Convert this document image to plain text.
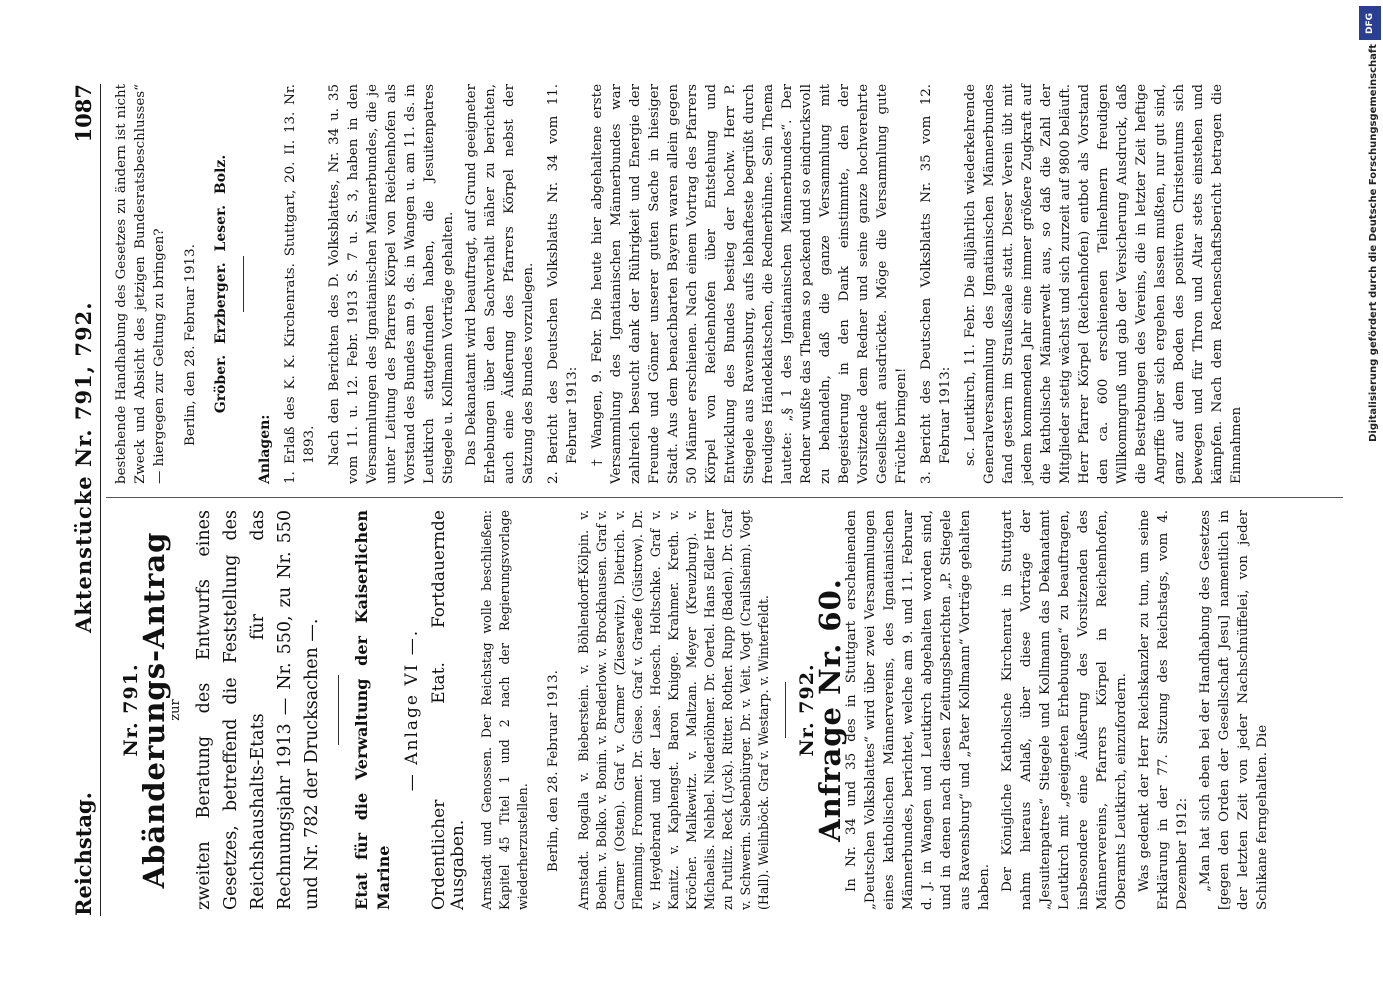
Reichstag.
Aktenstücke Nr. 791, 792.
1087
Nr. 791.
Abänderungs-Antrag
zur zweiten Beratung des Entwurfs eines Gesetzes, betreffend die Feststellung des Reichshaushalts-Etats für das Rechnungsjahr 1913 — Nr. 550, zu Nr. 550 und Nr. 782 der Drucksachen —. Etat für die Verwaltung der Kaiserlichen Marine
— Anlage VI —. Ordentlicher Etat.Fortdauernde Ausgaben. Arnstadt und Genossen. Der Reichstag wolle beschließen: Kapitel 45 Titel 1 und 2 nach der Regierungsvorlage wiederherzustellen. Berlin, den 28. Februar 1913. Arnstadt. Rogalla v. Bieberstein. v. Böhlendorff-Kölpin. v. Boehn. v. Bolko. v. Bonin. v. Brederlow. v. Brockhausen. Graf v. Carmer (Osten). Graf v. Carmer (Zieserwitz). Dietrich. v. Flemming. Frommer. Dr. Giese. Graf v. Graefe (Güstrow). Dr. v. Heydebrand und der Lase. Hoesch. Holtschke. Graf v. Kanitz. v. Kaphengst. Baron Knigge. Krahmer. Kreth. v. Kröcher. Malkewitz. v. Maltzan. Meyer (Kreuzburg). v. Michaelis. Nehbel. Niederlöhner. Dr. Oertel. Hans Edler Herr zu Putlitz. Reck (Lyck). Ritter. Rother. Rupp (Baden). Dr. Graf v. Schwerin. Siebenbürger. Dr. v. Veit. Vogt (Crailsheim). Vogt (Hall). Weilnböck. Graf v. Westarp. v. Winterfeldt. Nr. 792.
Anfrage Nr. 60.

In Nr. 34 und 35 des in Stuttgart erscheinenden „Deutschen Volksblattes“ wird über zwei Versammlungen eines katholischen Männervereins, des Ignatianischen Männerbundes, berichtet, welche am 9. und 11. Februar d. J. in Wangen und Leutkirch abgehalten worden sind, und in denen nach diesen Zeitungsberichten „P. Stiegele aus Ravensburg“ und „Pater Kollmann“ Vorträge gehalten haben. Der Königliche Katholische Kirchenrat in Stuttgart nahm hieraus Anlaß, über diese Vorträge der „Jesuitenpatres“ Stiegele und Kollmann das Dekanatamt Leutkirch mit „geeigneten Erhebungen“ zu beauftragen, insbesondere eine Äußerung des Vorsitzenden des Männervereins, Pfarrers Körpel in Reichenhofen, Oberamts Leutkirch, einzufordern. Was gedenkt der Herr Reichskanzler zu tun, um seine Erklärung in der 77. Sitzung des Reichstags, vom 4. Dezember 1912: „Man hat sich eben bei der Handhabung des Gesetzes [gegen den Orden der Gesellschaft Jesu] namentlich in der letzten Zeit von jeder Nachschnüffelei, von jeder Schikane ferngehalten. Die

bestehende Handhabung des Gesetzes zu ändern ist nicht Zweck und Absicht des jetzigen Bundesratsbeschlusses“ — hiergegen zur Geltung zu bringen? Berlin, den 28. Februar 1913. Gröber. Erzberger. Leser. Bolz.
Anlagen: 1.
Erlaß des K. K. Kirchenrats. Stuttgart, 20. II. 13. Nr. 1893. Nach den Berichten des D. Volksblattes, Nr. 34 u. 35 vom 11. u. 12. Febr. 1913 S. 7 u. S. 3, haben in den Versammlungen des Ignatianischen Männerbundes, die je unter Leitung des Pfarrers Körpel von Reichenhofen als Vorstand des Bundes am 9. ds. in Wangen u. am 11. ds. in Leutkirch stattgefunden haben, die Jesuitenpatres Stiegele u. Kollmann Vorträge gehalten. Das Dekanatamt wird beauftragt, auf Grund geeigneter Erhebungen über den Sachverhalt näher zu berichten, auch eine Äußerung des Pfarrers Körpel nebst der Satzung des Bundes vorzulegen. 2.
Bericht des Deutschen Volksblatts Nr. 34 vom 11. Februar 1913: † Wangen, 9. Febr. Die heute hier abgehaltene erste Versammlung des Ignatianischen Männerbundes war zahlreich besucht dank der Rührigkeit und Energie der Freunde und Gönner unserer guten Sache in hiesiger Stadt. Aus dem benachbarten Bayern waren allein gegen 50 Männer erschienen. Nach einem Vortrag des Pfarrers Körpel von Reichenhofen über Entstehung und Entwicklung des Bundes bestieg der hochw. Herr P. Stiegele aus Ravensburg, aufs lebhafteste begrüßt durch freudiges Händeklatschen, die Rednerbühne. Sein Thema lautete: „§ 1 des Ignatianischen Männerbundes“. Der Redner wußte das Thema so packend und so eindrucksvoll zu behandeln, daß die ganze Versammlung mit Begeisterung in den Dank einstimmte, den der Vorsitzende dem Redner und seine ganze hochverehrte Gesellschaft ausdrückte. Möge die Versammlung gute Früchte bringen! 3.
Bericht des Deutschen Volksblatts Nr. 35 vom 12. Februar 1913: sc. Leutkirch, 11. Febr. Die alljährlich wiederkehrende Generalversammlung des Ignatianischen Männerbundes fand gestern im Straußsaale statt. Dieser Verein übt mit jedem kommenden Jahr eine immer größere Zugkraft auf die katholische Männerwelt aus, so daß die Zahl der Mitglieder stetig wächst und sich zurzeit auf 9800 beläuft. Herr Pfarrer Körpel (Reichenhofen) entbot als Vorstand den ca. 600 erschienenen Teilnehmern freudigen Willkommgruß und gab der Versicherung Ausdruck, daß die Bestrebungen des Vereins, die in letzter Zeit heftige Angriffe über sich ergehen lassen mußten, nur gut sind, ganz auf dem Boden des positiven Christentums sich bewegen und für Thron und Altar stets einstehen und kämpfen. Nach dem Rechenschaftsbericht betragen die Einnahmen

DFG
Digitalisierung gefördert durch die Deutsche Forschungsgemeinschaft
